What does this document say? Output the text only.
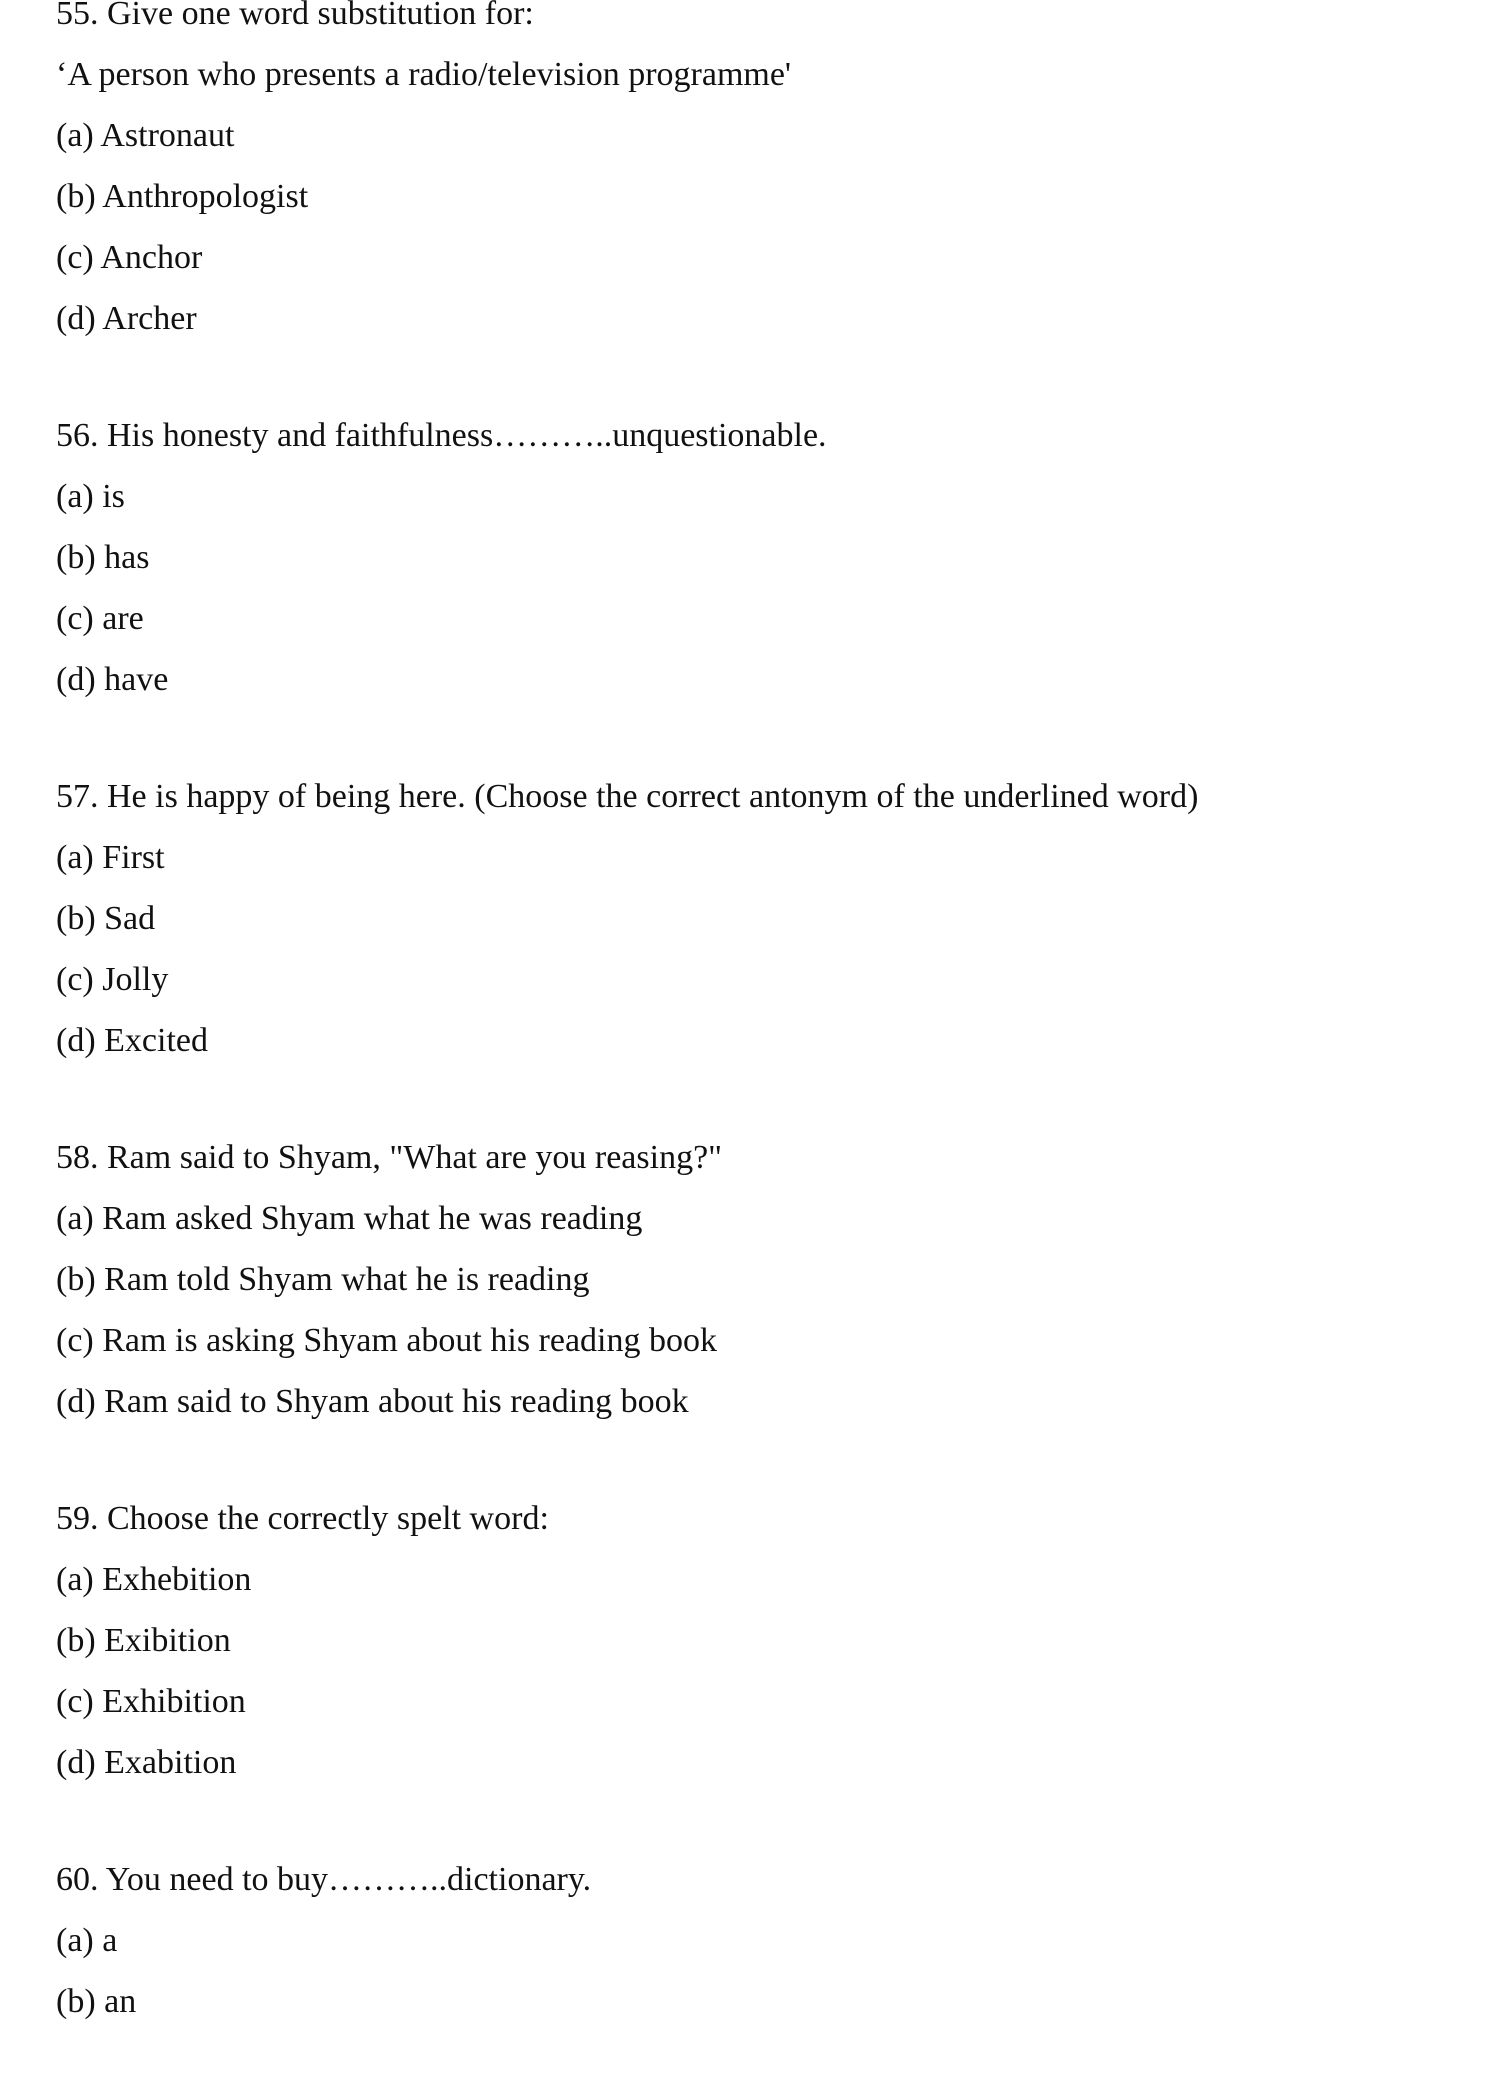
55. Give one word substitution for:
‘A person who presents a radio/television programme'
(a) Astronaut
(b) Anthropologist
(c) Anchor
(d) Archer
56. His honesty and faithfulness………..unquestionable.
(a) is
(b) has
(c) are
(d) have
57. He is happy of being here. (Choose the correct antonym of the underlined word)
(a) First
(b) Sad
(c) Jolly
(d) Excited
58. Ram said to Shyam, "What are you reasing?"
(a) Ram asked Shyam what he was reading
(b) Ram told Shyam what he is reading
(c) Ram is asking Shyam about his reading book
(d) Ram said to Shyam about his reading book
59. Choose the correctly spelt word:
(a) Exhebition
(b) Exibition
(c) Exhibition
(d) Exabition
60. You need to buy………..dictionary.
(a) a
(b) an
